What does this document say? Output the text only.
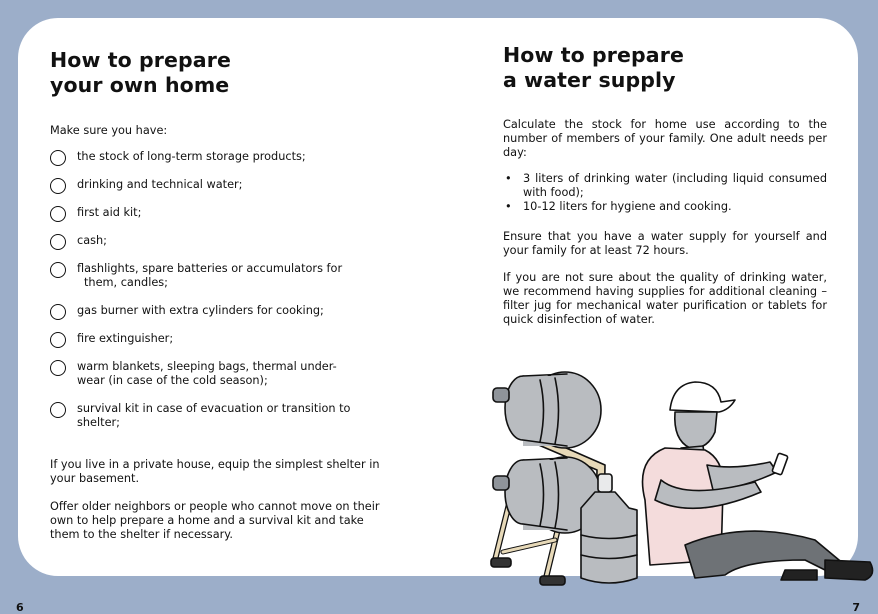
How to prepare
your own home

Make sure you have:

the stock of long-term storage products;
drinking and technical water;
first aid kit;
cash;
flashlights, spare batteries or accumulators for
them, candles;
gas burner with extra cylinders for cooking;
fire extinguisher;
warm blankets, sleeping bags, thermal under-
wear (in case of the cold season);
survival kit in case of evacuation or transition to
shelter;

If you live in a private house, equip the simplest shelter in your basement.

Offer older neighbors or people who cannot move on their own to help prepare a home and a survival kit and take them to the shelter if necessary.

How to prepare
a water supply

Calculate the stock for home use according to the number of members of your family. One adult needs per day:

• 3 liters of drinking water (including liquid consumed with food);
• 10-12 liters for hygiene and cooking.

Ensure that you have a water supply for yourself and your family for at least 72 hours.

If you are not sure about the quality of drinking water, we recommend having supplies for additional cleaning – filter jug for mechanical water purification or tablets for quick disinfection of water.

6	7
